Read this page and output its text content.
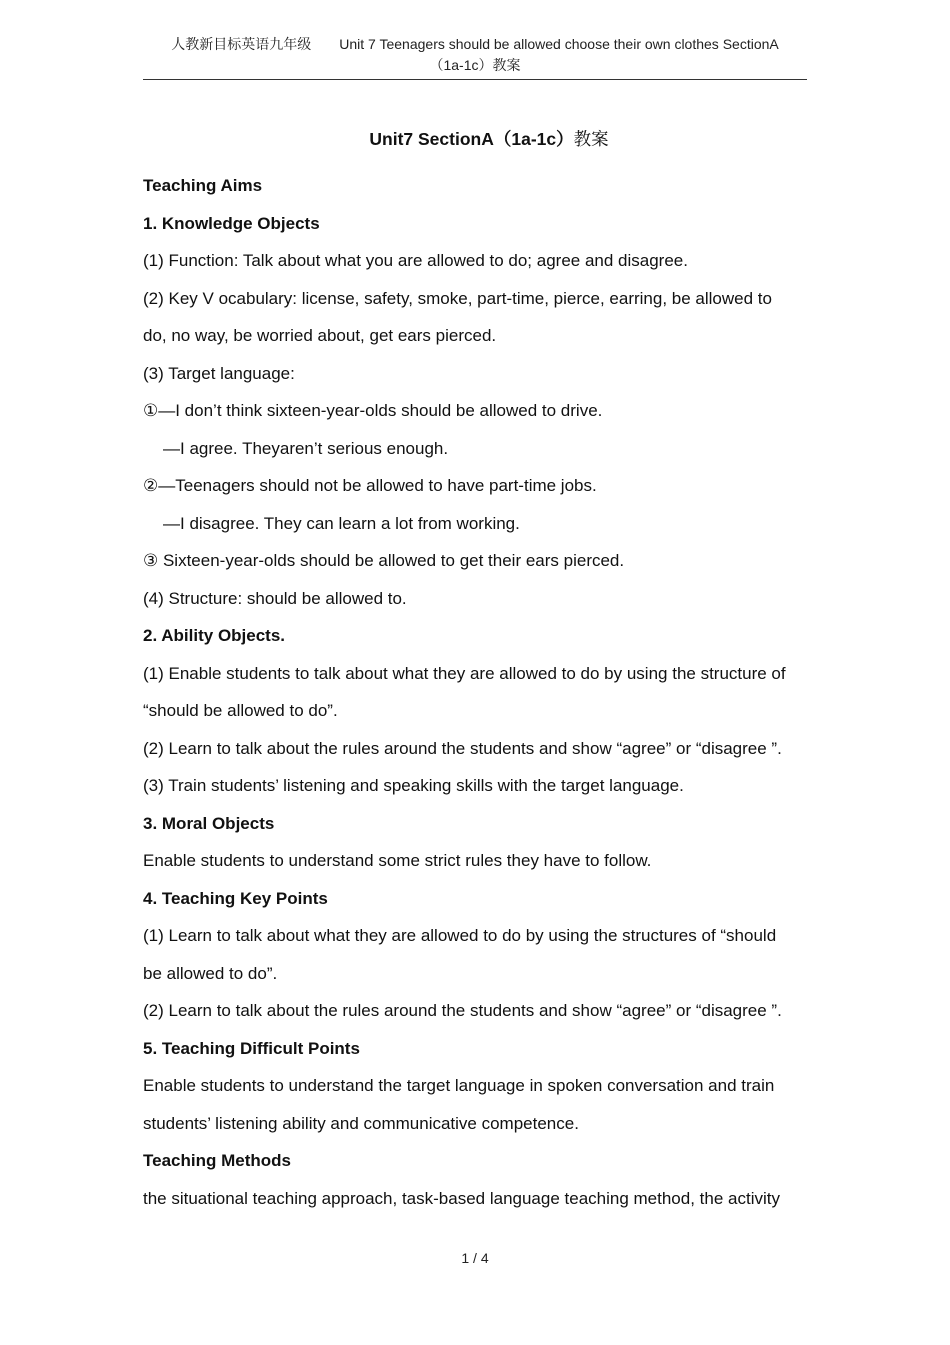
人教新目标英语九年级 Unit 7 Teenagers should be allowed choose their own clothes SectionA
（1a-1c）教案
Unit7 SectionA（1a-1c）教案

Teaching Aims

1. Knowledge Objects

(1) Function: Talk about what you are allowed to do; agree and disagree.

(2) Key V ocabulary: license, safety, smoke, part-time, pierce, earring, be allowed to

do, no way, be worried about, get ears pierced.

(3) Target language:

①—I don’t think sixteen-year-olds should be allowed to drive.

—I agree. Theyaren’t serious enough.

②—Teenagers should not be allowed to have part-time jobs.

—I disagree. They can learn a lot from working.

③ Sixteen-year-olds should be allowed to get their ears pierced.

(4) Structure: should be allowed to.

2. Ability Objects.

(1) Enable students to talk about what they are allowed to do by using the structure of

“should be allowed to do”.

(2) Learn to talk about the rules around the students and show “agree” or “disagree ”.

(3) Train students’ listening and speaking skills with the target language.

3. Moral Objects

Enable students to understand some strict rules they have to follow.

4. Teaching Key Points

(1) Learn to talk about what they are allowed to do by using the structures of “should

be allowed to do”.

(2) Learn to talk about the rules around the students and show “agree” or “disagree ”.

5. Teaching Difficult Points

Enable students to understand the target language in spoken conversation and train

students’ listening ability and communicative competence.

Teaching Methods

the situational teaching approach, task-based language teaching method, the activity

1 / 4
